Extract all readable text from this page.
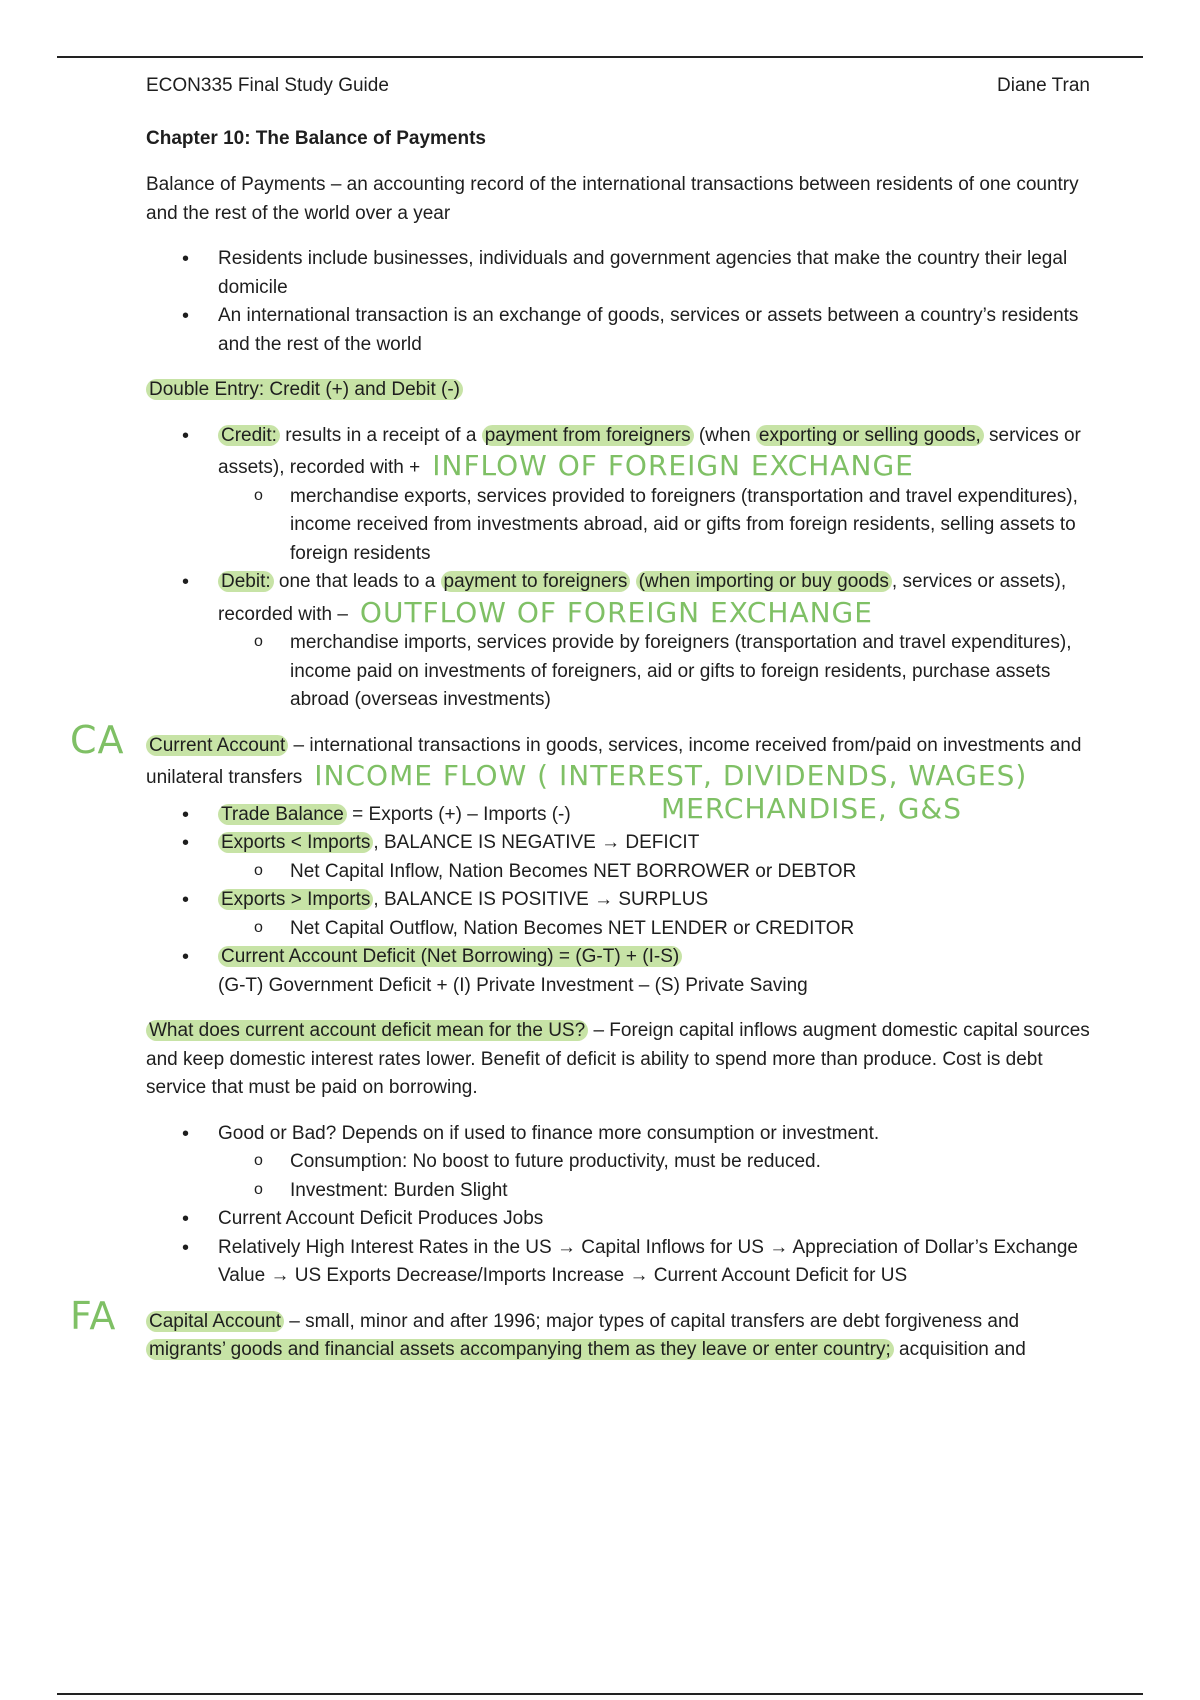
ECON335 Final Study Guide	Diane Tran
Chapter 10: The Balance of Payments

Balance of Payments – an accounting record of the international transactions between residents of one country and the rest of the world over a year

• Residents include businesses, individuals and government agencies that make the country their legal domicile
• An international transaction is an exchange of goods, services or assets between a country’s residents and the rest of the world

Double Entry: Credit (+) and Debit (-)

• Credit: results in a receipt of a payment from foreigners (when exporting or selling goods, services or assets), recorded with + INFLOW OF FOREIGN EXCHANGE
o merchandise exports, services provided to foreigners (transportation and travel expenditures), income received from investments abroad, aid or gifts from foreign residents, selling assets to foreign residents
• Debit: one that leads to a payment to foreigners (when importing or buy goods , services or assets), recorded with – OUTFLOW OF FOREIGN EXCHANGE
o merchandise imports, services provide by foreigners (transportation and travel expenditures), income paid on investments of foreigners, aid or gifts to foreign residents, purchase assets abroad (overseas investments)
CA Current Account – international transactions in goods, services, income received from/paid on investments and unilateral transfers INCOME FLOW ( INTEREST, DIVIDENDS, WAGES)

MERCHANDISE, G&S
• Trade Balance = Exports (+) – Imports (-)
• Exports < Imports , BALANCE IS NEGATIVE → DEFICIT
o Net Capital Inflow, Nation Becomes NET BORROWER or DEBTOR
• Exports > Imports , BALANCE IS POSITIVE → SURPLUS
o Net Capital Outflow, Nation Becomes NET LENDER or CREDITOR
• Current Account Deficit (Net Borrowing) = (G-T) + (I-S)
(G-T) Government Deficit + (I) Private Investment – (S) Private Saving

What does current account deficit mean for the US? – Foreign capital inflows augment domestic capital sources and keep domestic interest rates lower. Benefit of deficit is ability to spend more than produce. Cost is debt service that must be paid on borrowing.

• Good or Bad? Depends on if used to finance more consumption or investment.
o Consumption: No boost to future productivity, must be reduced.
o Investment: Burden Slight
• Current Account Deficit Produces Jobs
• Relatively High Interest Rates in the US → Capital Inflows for US → Appreciation of Dollar’s Exchange Value → US Exports Decrease/Imports Increase → Current Account Deficit for US
FA Capital Account – small, minor and after 1996; major types of capital transfers are debt forgiveness and migrants’ goods and financial assets accompanying them as they leave or enter country; acquisition and
